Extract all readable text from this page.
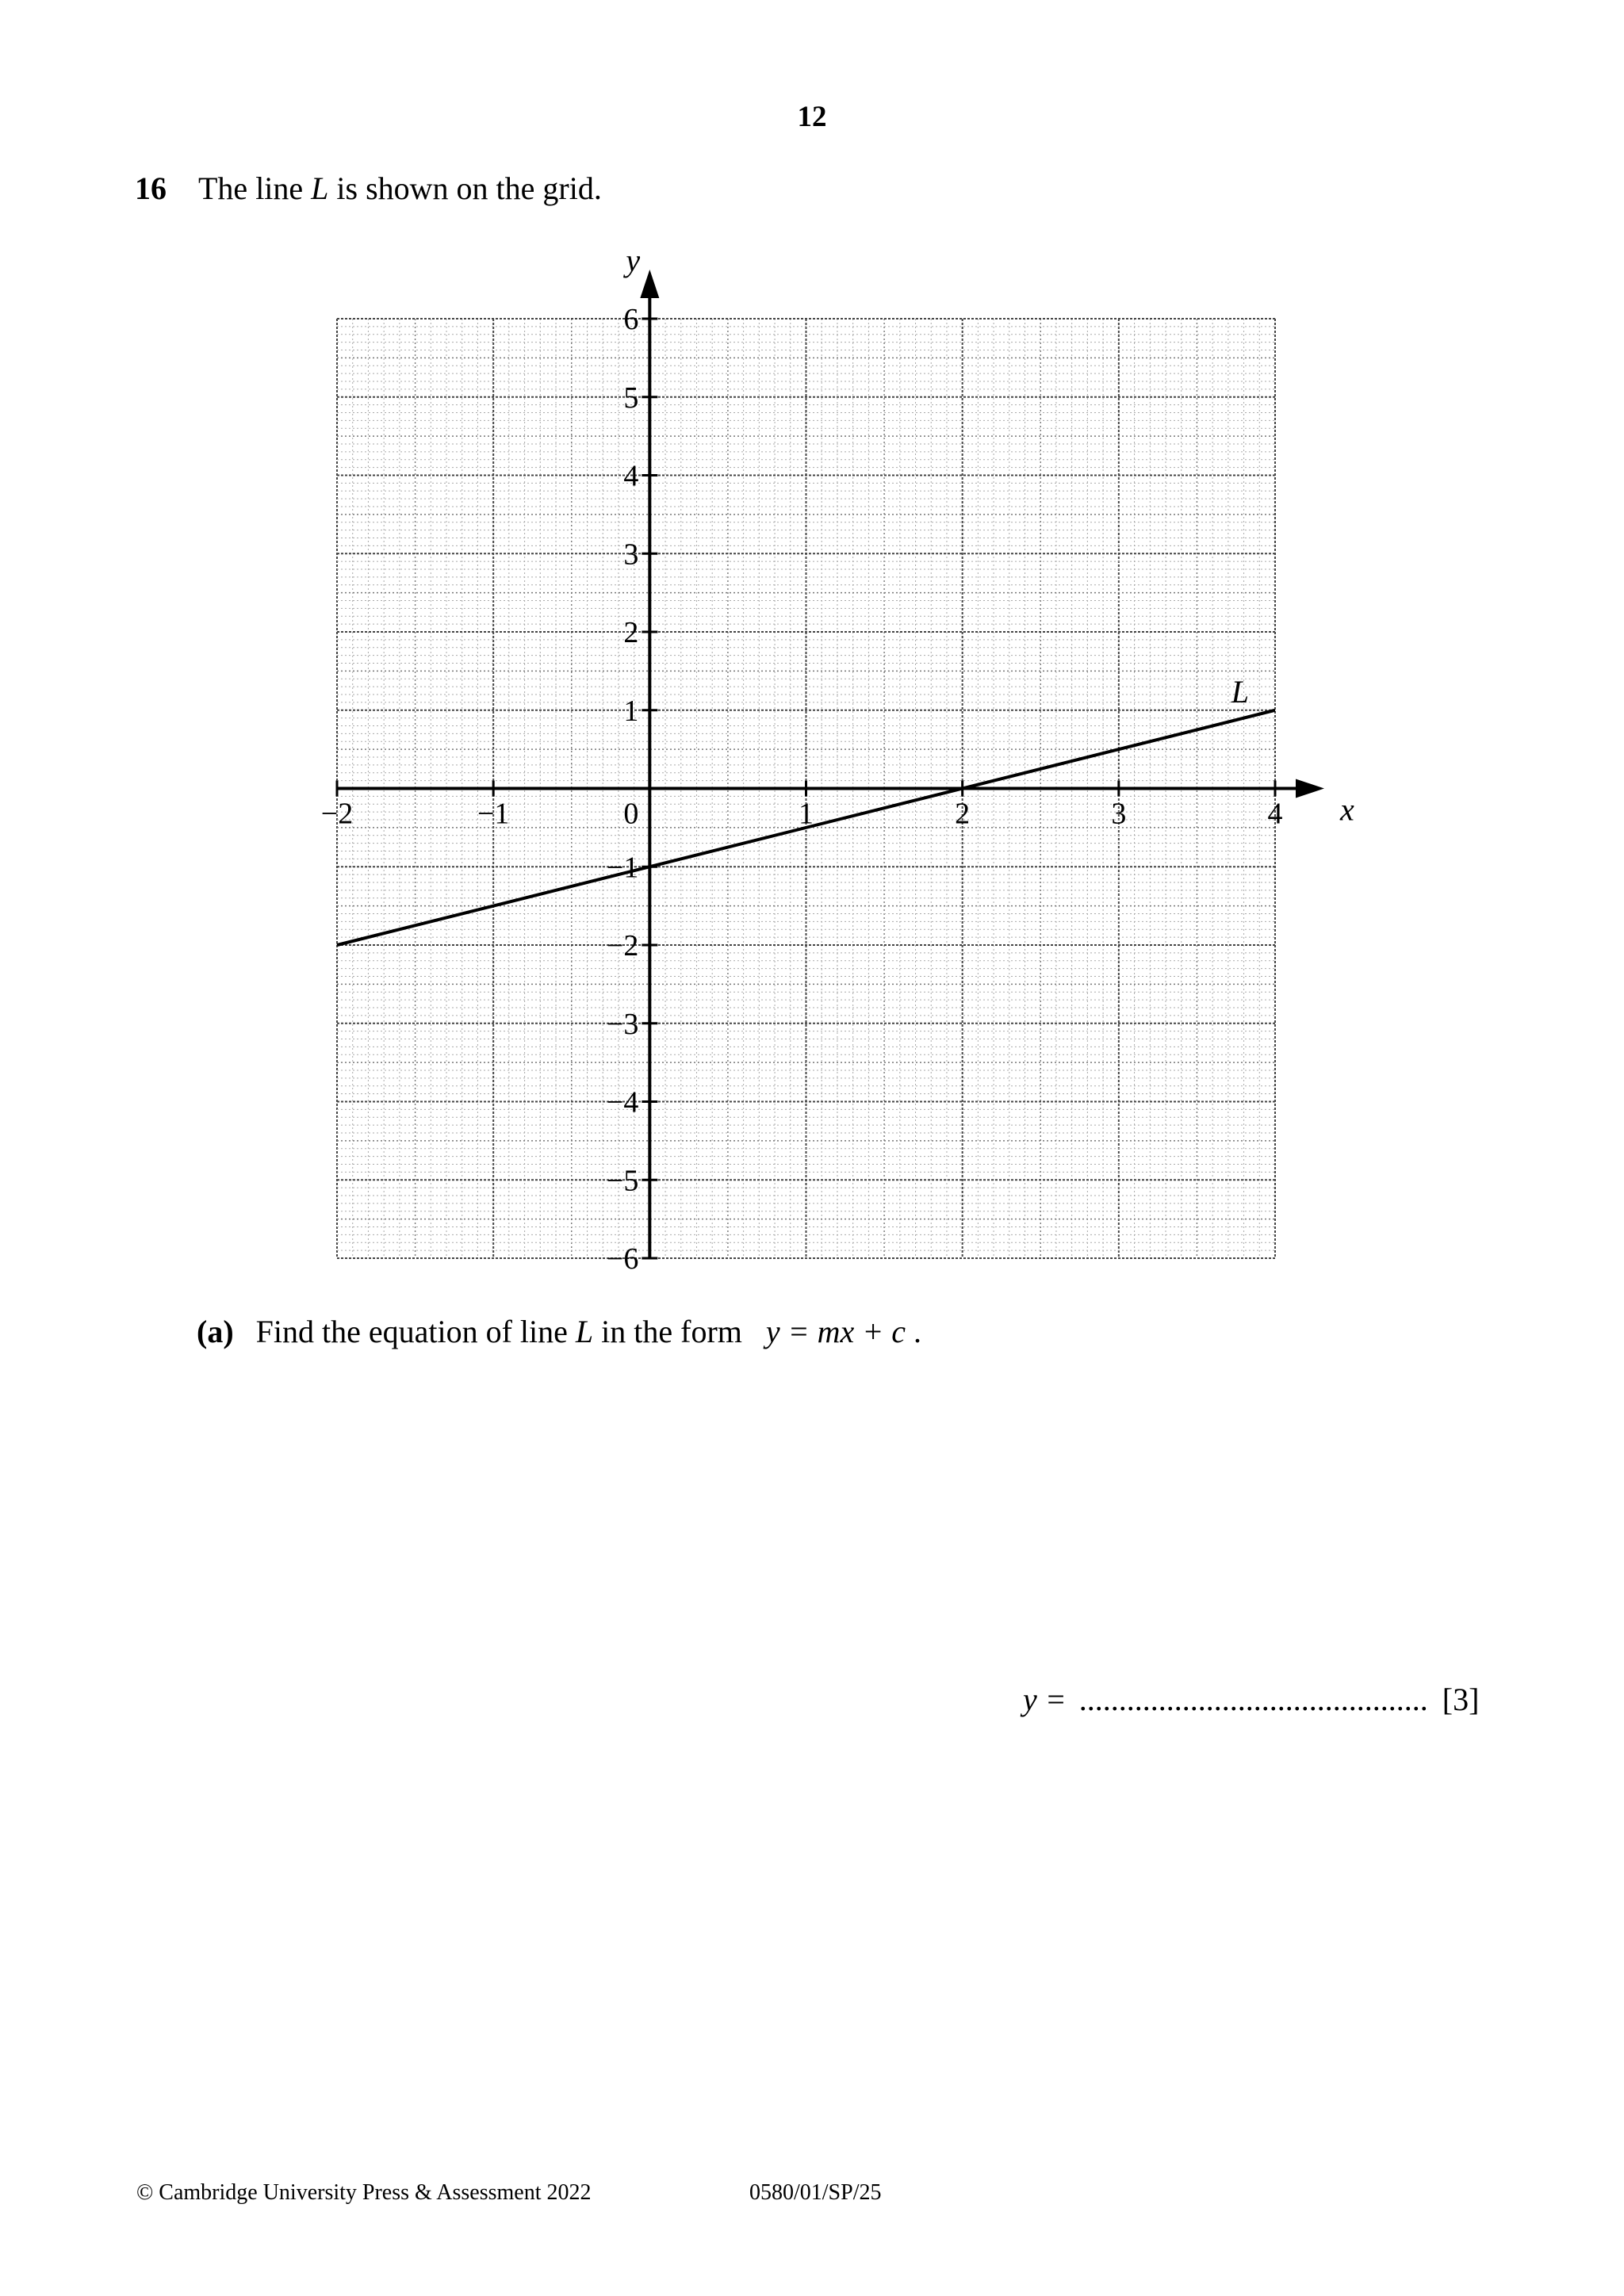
12
16 The line L is shown on the grid.
−2	−1	1	2	3	4
6
5
4
3
2
1
−1
−2
−3
−4
−5
−6
0	x
y
L
(a) Find the equation of line L in the form y = mx + c .
y = ............................................ [3]
© Cambridge University Press & Assessment 2022	0580/01/SP/25
